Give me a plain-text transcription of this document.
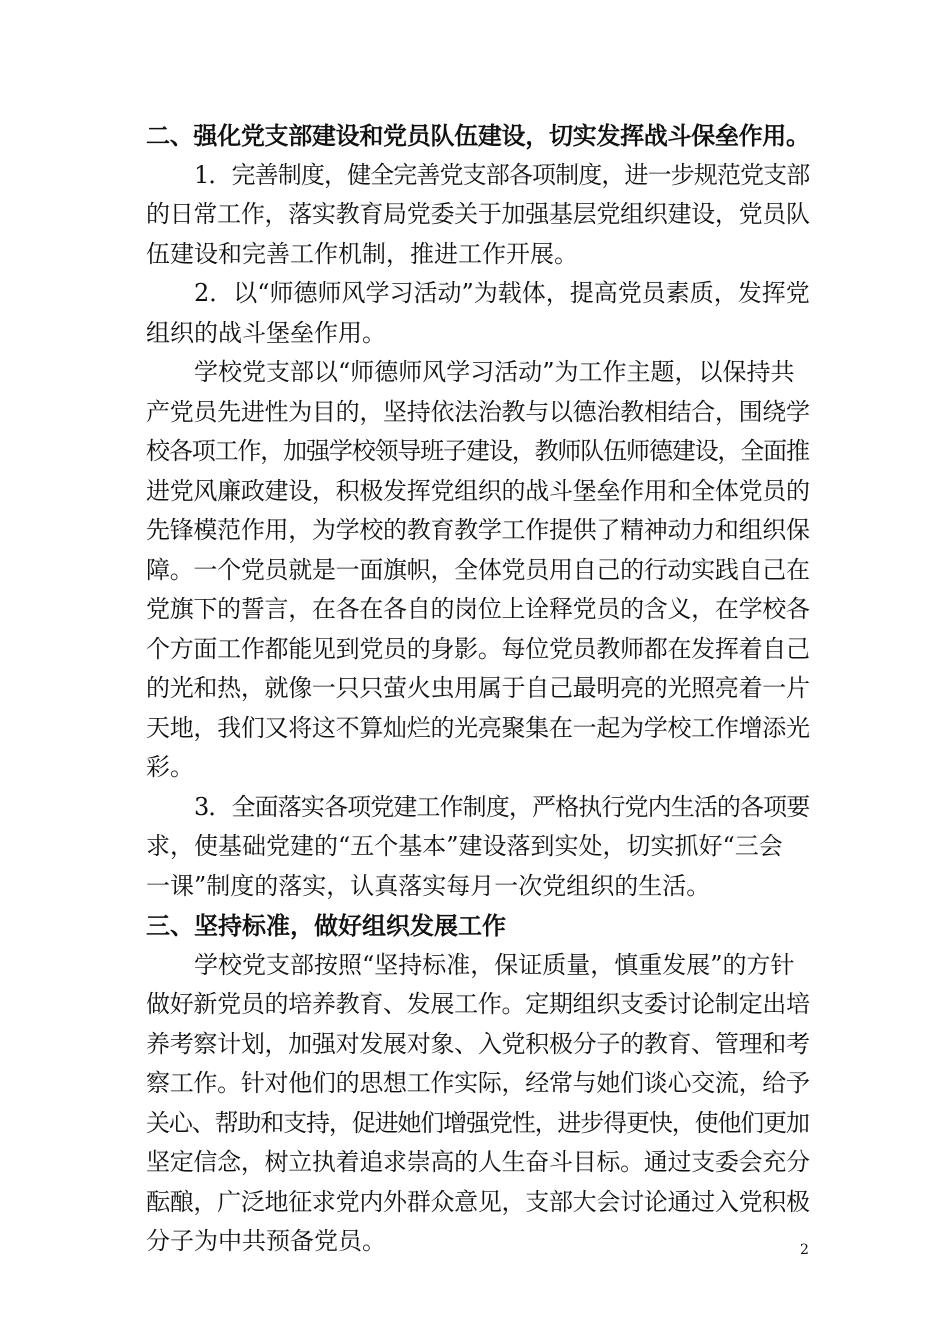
二、强化党支部建设和党员队伍建设，切实发挥战斗保垒作用。
1．完善制度，健全完善党支部各项制度，进一步规范党支部
的日常工作，落实教育局党委关于加强基层党组织建设，党员队
伍建设和完善工作机制，推进工作开展。
2．以“师德师风学习活动”为载体，提高党员素质，发挥党
组织的战斗堡垒作用。
学校党支部以“师德师风学习活动”为工作主题，以保持共
产党员先进性为目的，坚持依法治教与以德治教相结合，围绕学
校各项工作，加强学校领导班子建设，教师队伍师德建设，全面推
进党风廉政建设，积极发挥党组织的战斗堡垒作用和全体党员的
先锋模范作用，为学校的教育教学工作提供了精神动力和组织保
障。一个党员就是一面旗帜，全体党员用自己的行动实践自己在
党旗下的誓言，在各在各自的岗位上诠释党员的含义，在学校各
个方面工作都能见到党员的身影。每位党员教师都在发挥着自己
的光和热，就像一只只萤火虫用属于自己最明亮的光照亮着一片
天地，我们又将这不算灿烂的光亮聚集在一起为学校工作增添光
彩。
3．全面落实各项党建工作制度，严格执行党内生活的各项要
求，使基础党建的“五个基本”建设落到实处，切实抓好“三会
一课”制度的落实，认真落实每月一次党组织的生活。
三、坚持标准，做好组织发展工作
学校党支部按照“坚持标准，保证质量，慎重发展”的方针
做好新党员的培养教育、发展工作。定期组织支委讨论制定出培
养考察计划，加强对发展对象、入党积极分子的教育、管理和考
察工作。针对他们的思想工作实际，经常与她们谈心交流，给予
关心、帮助和支持，促进她们增强党性，进步得更快，使他们更加
坚定信念，树立执着追求崇高的人生奋斗目标。通过支委会充分
酝酿，广泛地征求党内外群众意见，支部大会讨论通过入党积极
分子为中共预备党员。	2
